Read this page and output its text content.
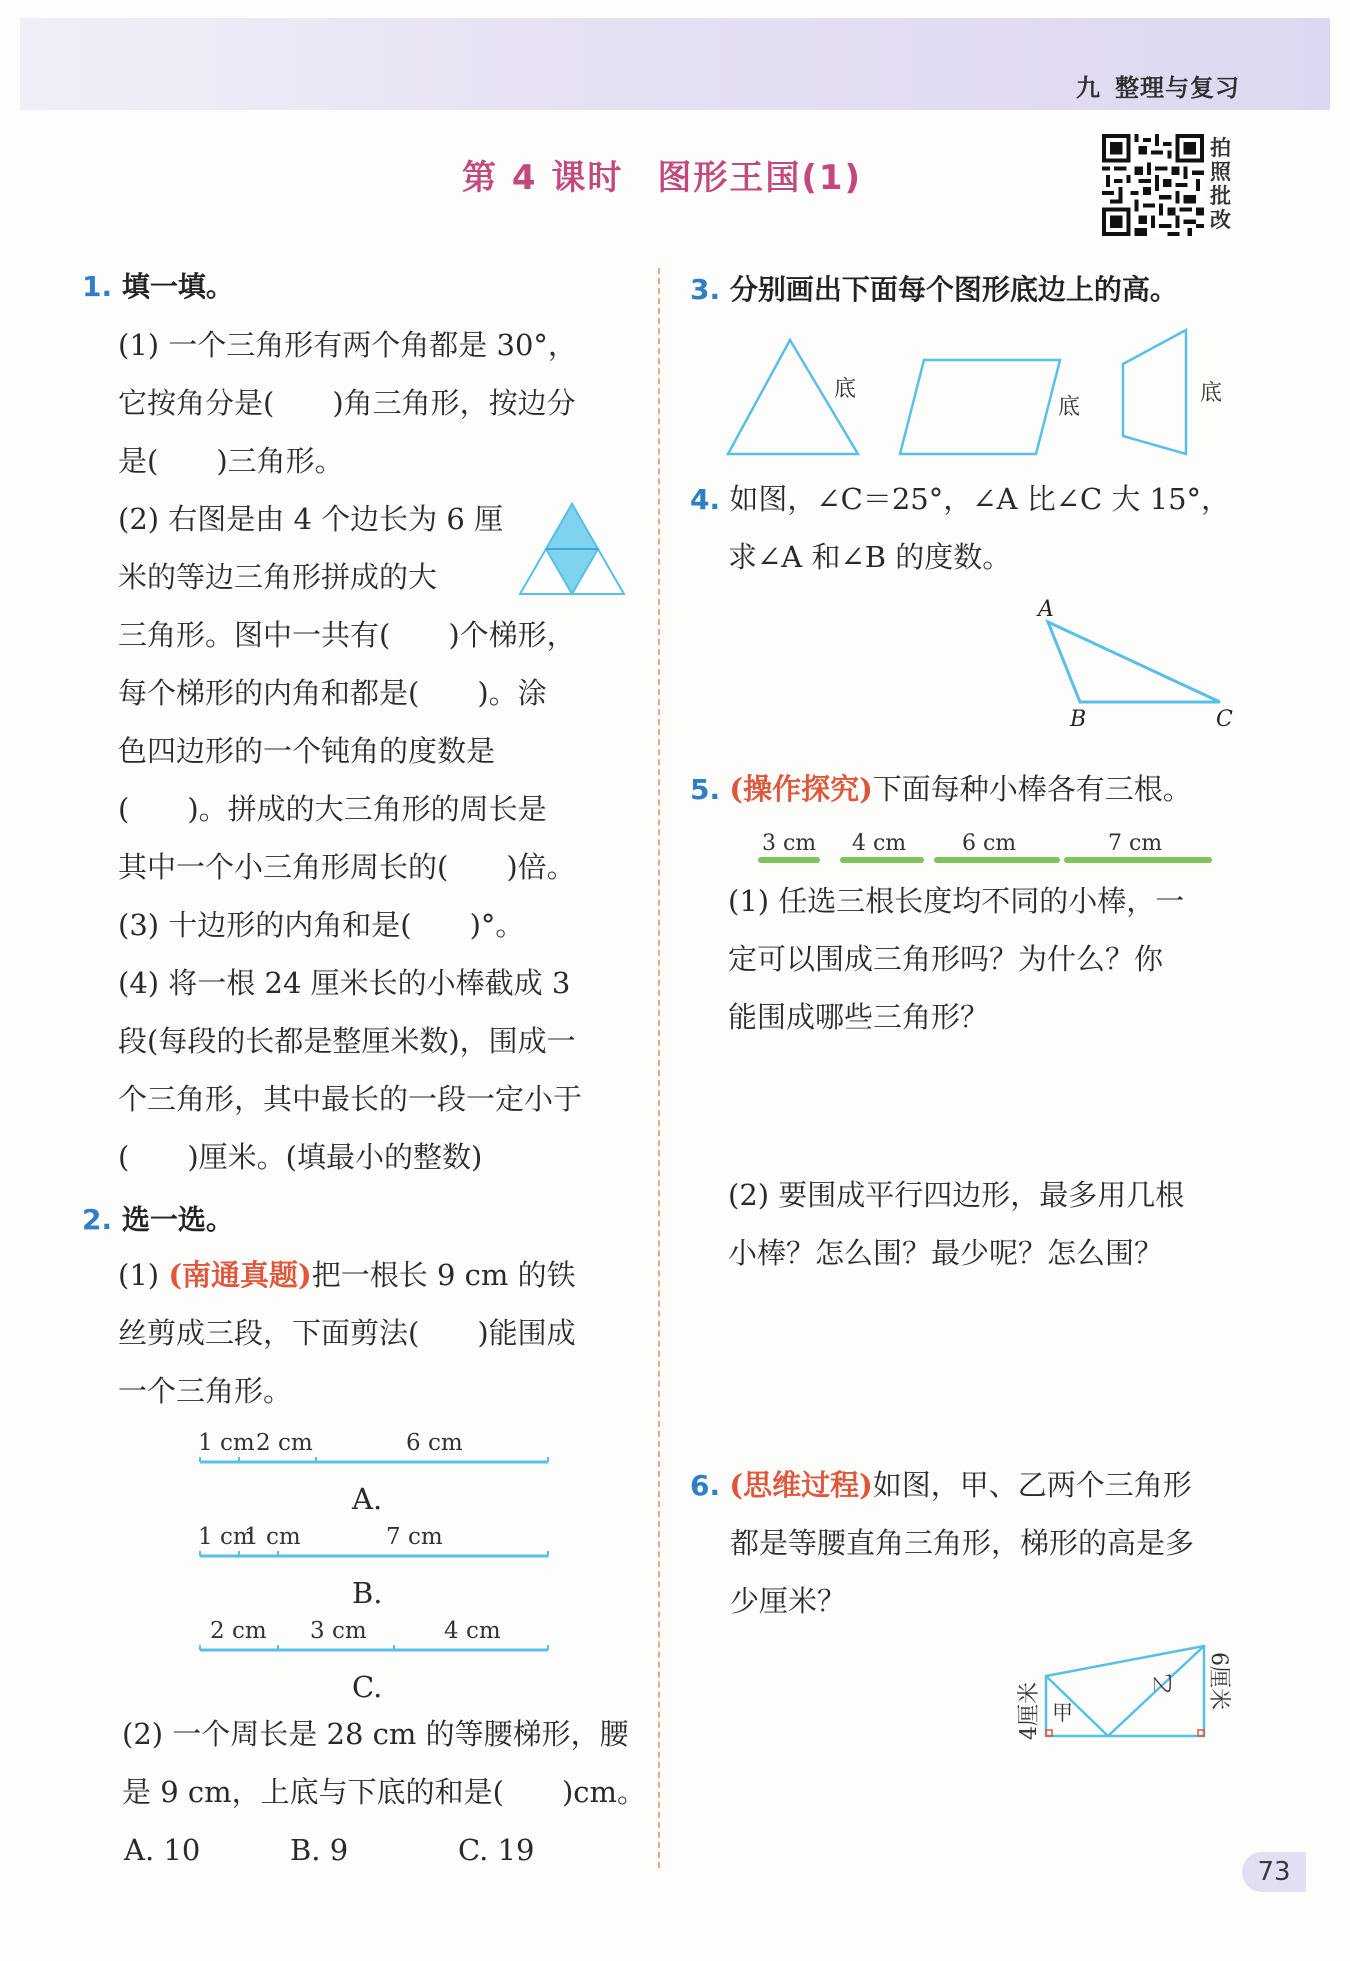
九 整理与复习
第 4 课时 图形王国(1)
拍照批改
1. 填一填。
(1) 一个三角形有两个角都是 30°，
它按角分是(　　)角三角形，按边分
是(　　)三角形。
(2) 右图是由 4 个边长为 6 厘
米的等边三角形拼成的大
三角形。图中一共有(　　)个梯形，
每个梯形的内角和都是(　　)。涂
色四边形的一个钝角的度数是
(　　)。拼成的大三角形的周长是
其中一个小三角形周长的(　　)倍。
(3) 十边形的内角和是(　　)°。
(4) 将一根 24 厘米长的小棒截成 3
段(每段的长都是整厘米数)，围成一
个三角形，其中最长的一段一定小于
(　　)厘米。(填最小的整数)
2. 选一选。
(1) (南通真题)把一根长 9 cm 的铁
丝剪成三段，下面剪法(　　)能围成
一个三角形。
1 cm 2 cm	6 cm
A.
1 cm
1 cm	7 cm
B.
2 cm 3 cm	4 cm
C.
(2) 一个周长是 28 cm 的等腰梯形，腰
是 9 cm，上底与下底的和是(　　)cm。
A. 10	B. 9	C. 19
3. 分别画出下面每个图形底边上的高。
底
底
底
4. 如图，∠C＝25°，∠A 比∠C 大 15°，
求∠A 和∠B 的度数。
A
B	C
5. (操作探究)下面每种小棒各有三根。
3 cm 4 cm	6 cm	7 cm
(1) 任选三根长度均不同的小棒，一
定可以围成三角形吗？为什么？你
能围成哪些三角形？
(2) 要围成平行四边形，最多用几根
小棒？怎么围？最少呢？怎么围？
6. (思维过程)如图，甲、乙两个三角形
都是等腰直角三角形，梯形的高是多
少厘米？
4厘米
6厘米
甲
乙
73
